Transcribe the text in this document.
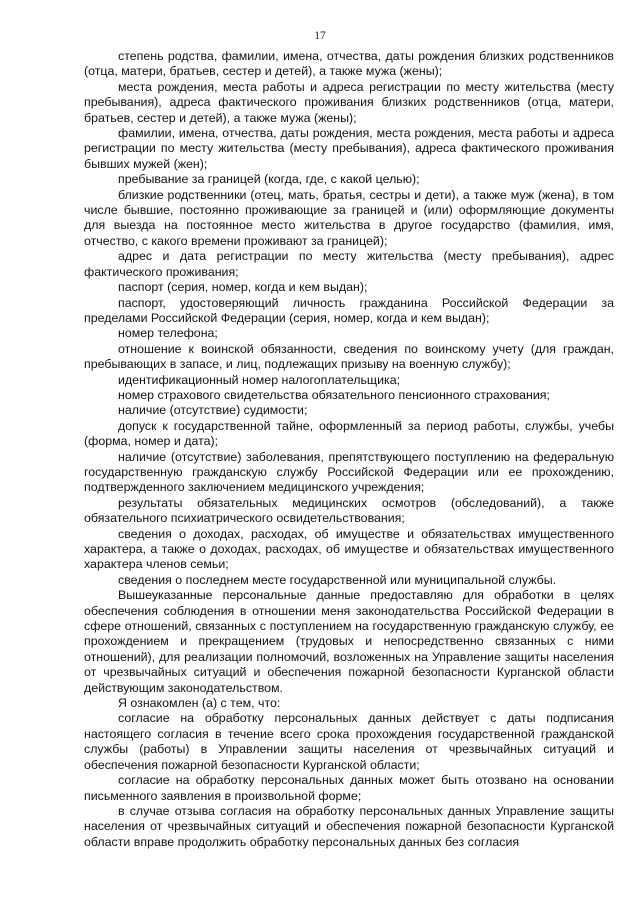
17

степень родства, фамилии, имена, отчества, даты рождения близких родственников (отца, матери, братьев, сестер и детей), а также мужа (жены);

места рождения, места работы и адреса регистрации по месту жительства (месту пребывания), адреса фактического проживания близких родственников (отца, матери, братьев, сестер и детей), а также мужа (жены);

фамилии, имена, отчества, даты рождения, места рождения, места работы и адреса регистрации по месту жительства (месту пребывания), адреса фактического проживания бывших мужей (жен);

пребывание за границей (когда, где, с какой целью);

близкие родственники (отец, мать, братья, сестры и дети), а также муж (жена), в том числе бывшие, постоянно проживающие за границей и (или) оформляющие документы для выезда на постоянное место жительства в другое государство (фамилия, имя, отчество, с какого времени проживают за границей);

адрес и дата регистрации по месту жительства (месту пребывания), адрес фактического проживания;

паспорт (серия, номер, когда и кем выдан);

паспорт, удостоверяющий личность гражданина Российской Федерации за пределами Российской Федерации (серия, номер, когда и кем выдан);

номер телефона;

отношение к воинской обязанности, сведения по воинскому учету (для граждан, пребывающих в запасе, и лиц, подлежащих призыву на военную службу);

идентификационный номер налогоплательщика;

номер страхового свидетельства обязательного пенсионного страхования;

наличие (отсутствие) судимости;

допуск к государственной тайне, оформленный за период работы, службы, учебы (форма, номер и дата);

наличие (отсутствие) заболевания, препятствующего поступлению на федеральную государственную гражданскую службу Российской Федерации или ее прохождению, подтвержденного заключением медицинского учреждения;

результаты обязательных медицинских осмотров (обследований), а также обязательного психиатрического освидетельствования;

сведения о доходах, расходах, об имуществе и обязательствах имущественного характера, а также о доходах, расходах, об имуществе и обязательствах имущественного характера членов семьи;

сведения о последнем месте государственной или муниципальной службы.

Вышеуказанные персональные данные предоставляю для обработки в целях обеспечения соблюдения в отношении меня законодательства Российской Федерации в сфере отношений, связанных с поступлением на государственную гражданскую службу, ее прохождением и прекращением (трудовых и непосредственно связанных с ними отношений), для реализации полномочий, возложенных на Управление защиты населения от чрезвычайных ситуаций и обеспечения пожарной безопасности Курганской области действующим законодательством.

Я ознакомлен (а) с тем, что:

согласие на обработку персональных данных действует с даты подписания настоящего согласия в течение всего срока прохождения государственной гражданской службы (работы) в Управлении защиты населения от чрезвычайных ситуаций и обеспечения пожарной безопасности Курганской области;

согласие на обработку персональных данных может быть отозвано на основании письменного заявления в произвольной форме;

в случае отзыва согласия на обработку персональных данных Управление защиты населения от чрезвычайных ситуаций и обеспечения пожарной безопасности Курганской области вправе продолжить обработку персональных данных без согласия
